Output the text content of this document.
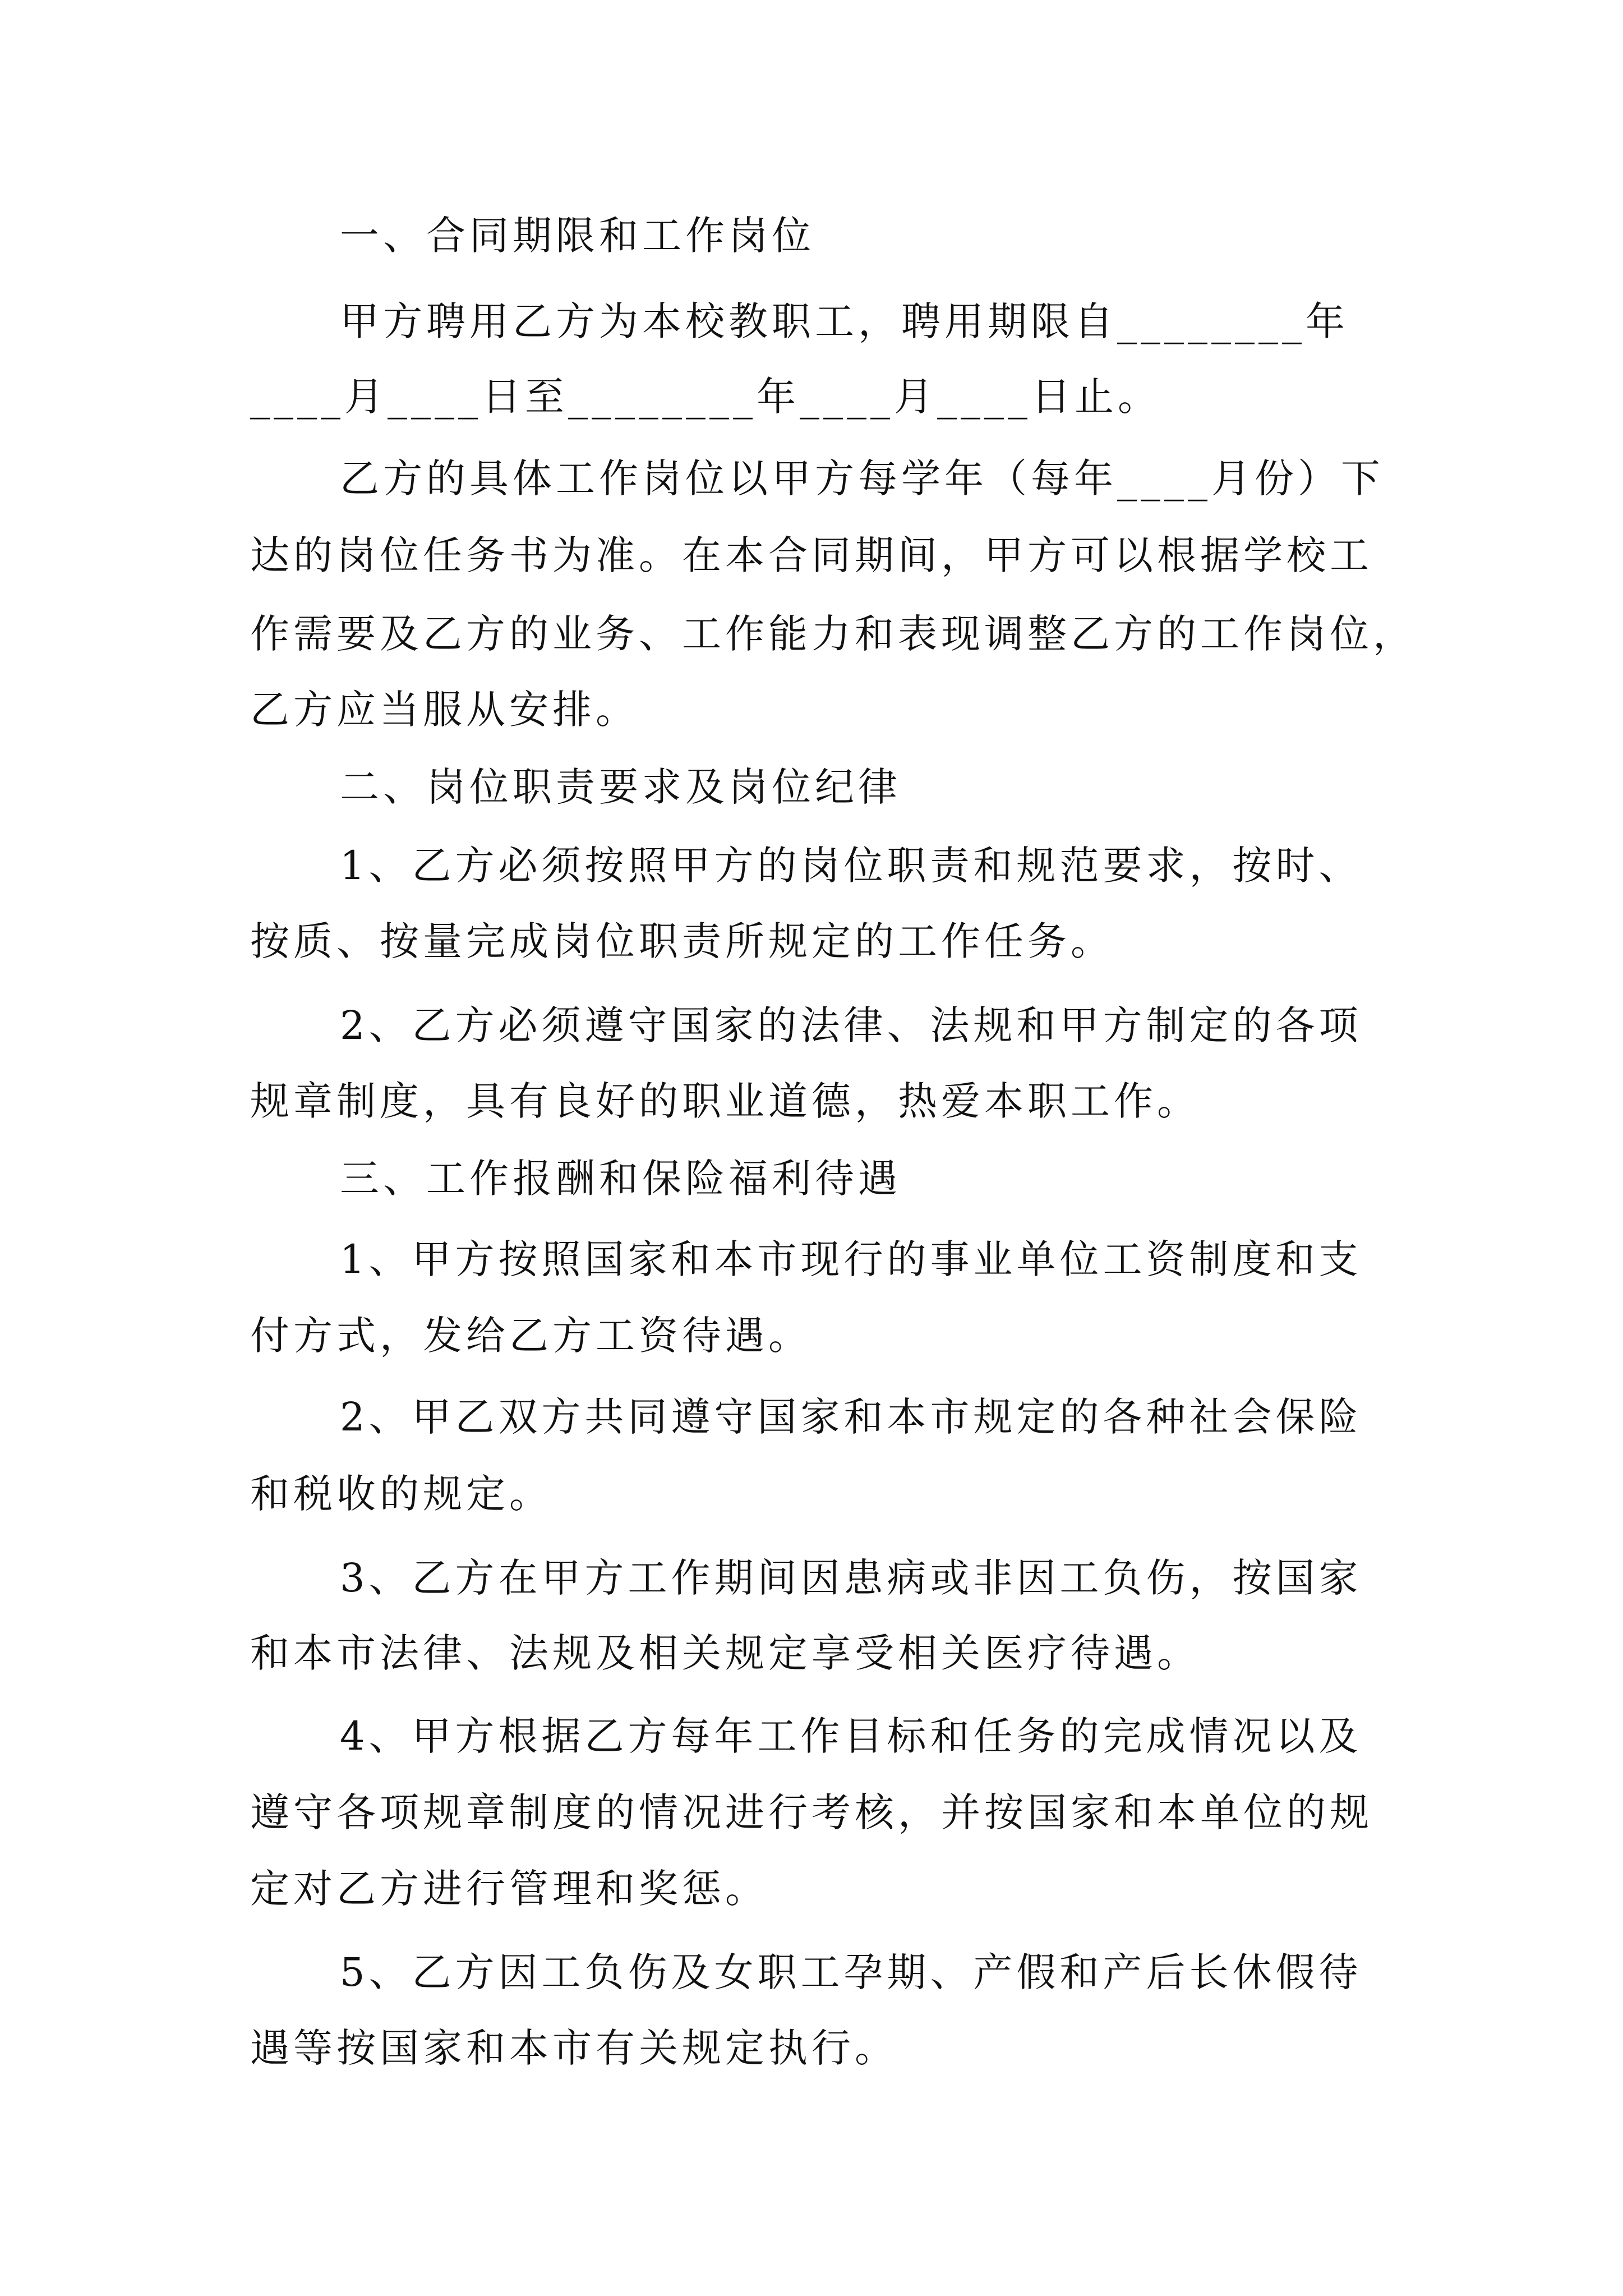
一、合同期限和工作岗位
甲方聘用乙方为本校教职工，聘用期限自________年
____月____日至________年____月____日止。
乙方的具体工作岗位以甲方每学年（每年____月份）下
达的岗位任务书为准。在本合同期间，甲方可以根据学校工
作需要及乙方的业务、工作能力和表现调整乙方的工作岗位，
乙方应当服从安排。
二、岗位职责要求及岗位纪律
1、乙方必须按照甲方的岗位职责和规范要求，按时、
按质、按量完成岗位职责所规定的工作任务。
2、乙方必须遵守国家的法律、法规和甲方制定的各项
规章制度，具有良好的职业道德，热爱本职工作。
三、工作报酬和保险福利待遇
1、甲方按照国家和本市现行的事业单位工资制度和支
付方式，发给乙方工资待遇。
2、甲乙双方共同遵守国家和本市规定的各种社会保险
和税收的规定。
3、乙方在甲方工作期间因患病或非因工负伤，按国家
和本市法律、法规及相关规定享受相关医疗待遇。
4、甲方根据乙方每年工作目标和任务的完成情况以及
遵守各项规章制度的情况进行考核，并按国家和本单位的规
定对乙方进行管理和奖惩。
5、乙方因工负伤及女职工孕期、产假和产后长休假待
遇等按国家和本市有关规定执行。
